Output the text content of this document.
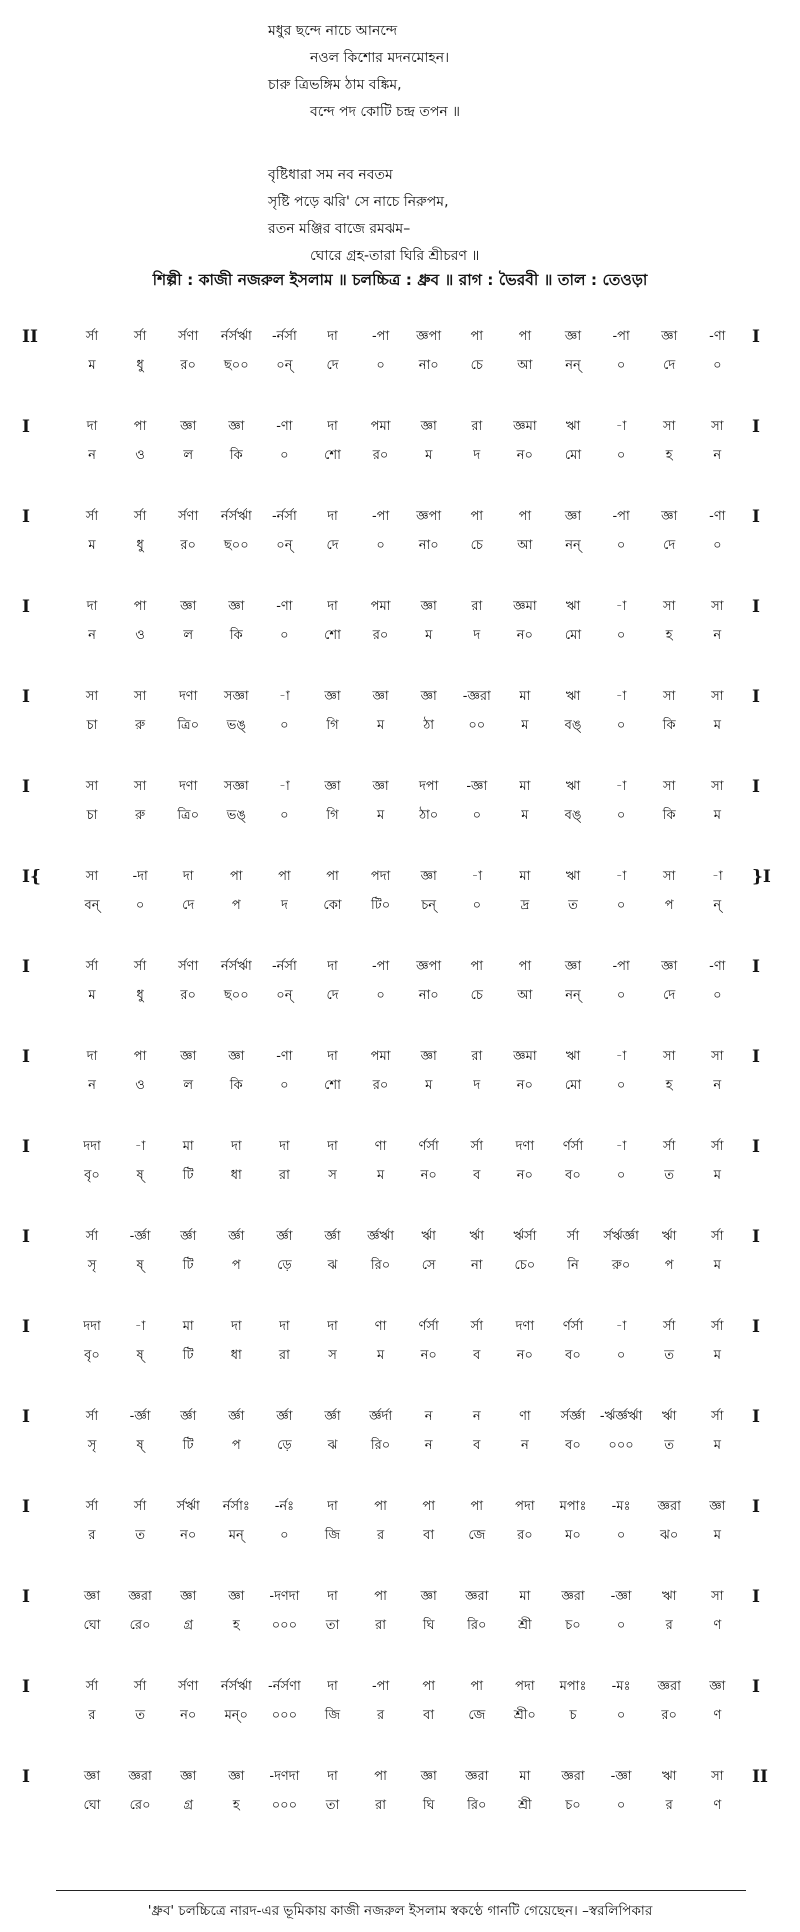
মধুর ছন্দে নাচে আনন্দে
নওল কিশোর মদনমোহন।
চারু ত্রিভঙ্গিম ঠাম বঙ্কিম,
বন্দে পদ কোটি চন্দ্র তপন ॥
বৃষ্টিধারা সম নব নবতম
সৃষ্টি পড়ে ঝরি' সে নাচে নিরুপম,
রতন মঞ্জির বাজে রমঝম–
ঘোরে গ্রহ-তারা ঘিরি শ্রীচরণ ॥
শিল্পী : কাজী নজরুল ইসলাম ॥ চলচ্চিত্র : ধ্রুব ॥ রাগ : ভৈরবী ॥ তাল : তেওড়া
II	I
র্সা	র্সা	র্সণা	র্নর্সর্ঋা	-র্নর্সা	দা	-পা	জ্ঞপা	পা	পা	জ্ঞা	-পা	জ্ঞা	-ণা
ম	ধু	র০	ছ০০	০ন্	দে	০	না০	চে	আ	নন্	০	দে	০
I	I
দা	পা	জ্ঞা	জ্ঞা	-ণা	দা	পমা	জ্ঞা	রা	জ্ঞমা	ঋা	-া	সা	সা
ন	ও	ল	কি	০	শো	র০	ম	দ	ন০	মো	০	হ	ন
I	I
র্সা	র্সা	র্সণা	র্নর্সর্ঋা	-র্নর্সা	দা	-পা	জ্ঞপা	পা	পা	জ্ঞা	-পা	জ্ঞা	-ণা
ম	ধু	র০	ছ০০	০ন্	দে	০	না০	চে	আ	নন্	০	দে	০
I	I
দা	পা	জ্ঞা	জ্ঞা	-ণা	দা	পমা	জ্ঞা	রা	জ্ঞমা	ঋা	-া	সা	সা
ন	ও	ল	কি	০	শো	র০	ম	দ	ন০	মো	০	হ	ন
I	I
সা	সা	দণা	সজ্ঞা	-া	জ্ঞা	জ্ঞা	জ্ঞা	-জ্ঞরা	মা	ঋা	-া	সা	সা
চা	রু	ত্রি০	ভঙ্	০	গি	ম	ঠা	০০	ম	বঙ্	০	কি	ম
I	I
সা	সা	দণা	সজ্ঞা	-া	জ্ঞা	জ্ঞা	দপা	-জ্ঞা	মা	ঋা	-া	সা	সা
চা	রু	ত্রি০	ভঙ্	০	গি	ম	ঠা০	০	ম	বঙ্	০	কি	ম
I{	}I
সা	-দা	দা	পা	পা	পা	পদা	জ্ঞা	-া	মা	ঋা	-া	সা	-া
বন্	০	দে	প	দ	কো	টি০	চন্	০	দ্র	ত	০	প	ন্
I	I
র্সা	র্সা	র্সণা	র্নর্সর্ঋা	-র্নর্সা	দা	-পা	জ্ঞপা	পা	পা	জ্ঞা	-পা	জ্ঞা	-ণা
ম	ধু	র০	ছ০০	০ন্	দে	০	না০	চে	আ	নন্	০	দে	০
I	I
দা	পা	জ্ঞা	জ্ঞা	-ণা	দা	পমা	জ্ঞা	রা	জ্ঞমা	ঋা	-া	সা	সা
ন	ও	ল	কি	০	শো	র০	ম	দ	ন০	মো	০	হ	ন
I	I
দদা	-া	মা	দা	দা	দা	ণা	র্ণর্সা	র্সা	দণা	র্ণর্সা	-া	র্সা	র্সা
বৃ০	ষ্	টি	ধা	রা	স	ম	ন০	ব	ন০	ব০	০	ত	ম
I	I
র্সা	-র্জ্ঞা	র্জ্ঞা	র্জ্ঞা	র্জ্ঞা	র্জ্ঞা	র্জ্ঞর্ঋা	র্ঋা	র্ঋা	র্ঋর্সা	র্সা	র্সর্ঋর্জ্ঞা	র্ঋা	র্সা
সৃ	ষ্	টি	প	ড়ে	ঝ	রি০	সে	না	চে০	নি	রু০	প	ম
I	I
দদা	-া	মা	দা	দা	দা	ণা	র্ণর্সা	র্সা	দণা	র্ণর্সা	-া	র্সা	র্সা
বৃ০	ষ্	টি	ধা	রা	স	ম	ন০	ব	ন০	ব০	০	ত	ম
I	I
র্সা	-র্জ্ঞা	র্জ্ঞা	র্জ্ঞা	র্জ্ঞা	র্জ্ঞা	র্জ্ঞর্দা	ন	ন	ণা	র্সর্জ্ঞা	-র্ঋর্জ্ঞর্ঋা	র্ঋা	র্সা
সৃ	ষ্	টি	প	ড়ে	ঝ	রি০	ন	ব	ন	ব০	০০০	ত	ম
I	I
র্সা	র্সা	র্সর্ঋা	র্নর্সাঃ	-র্নঃ	দা	পা	পা	পা	পদা	মপাঃ	-মঃ	জ্ঞরা	জ্ঞা
র	ত	ন০	মন্	০	জি	র	বা	জে	র০	ম০	০	ঝ০	ম
I	I
জ্ঞা	জ্ঞরা	জ্ঞা	জ্ঞা	-দণদা	দা	পা	জ্ঞা	জ্ঞরা	মা	জ্ঞরা	-জ্ঞা	ঋা	সা
ঘো	রে০	গ্র	হ	০০০	তা	রা	ঘি	রি০	শ্রী	চ০	০	র	ণ
I	I
র্সা	র্সা	র্সণা	র্নর্সর্ঋা	-র্নর্সণা	দা	-পা	পা	পা	পদা	মপাঃ	-মঃ	জ্ঞরা	জ্ঞা
র	ত	ন০	মন্০	০০০	জি	র	বা	জে	শ্রী০	চ	০	র০	ণ
I	II
জ্ঞা	জ্ঞরা	জ্ঞা	জ্ঞা	-দণদা	দা	পা	জ্ঞা	জ্ঞরা	মা	জ্ঞরা	-জ্ঞা	ঋা	সা
ঘো	রে০	গ্র	হ	০০০	তা	রা	ঘি	রি০	শ্রী	চ০	০	র	ণ
'ধ্রুব' চলচ্চিত্রে নারদ-এর ভূমিকায় কাজী নজরুল ইসলাম স্বকণ্ঠে গানটি গেয়েছেন। –স্বরলিপিকার
